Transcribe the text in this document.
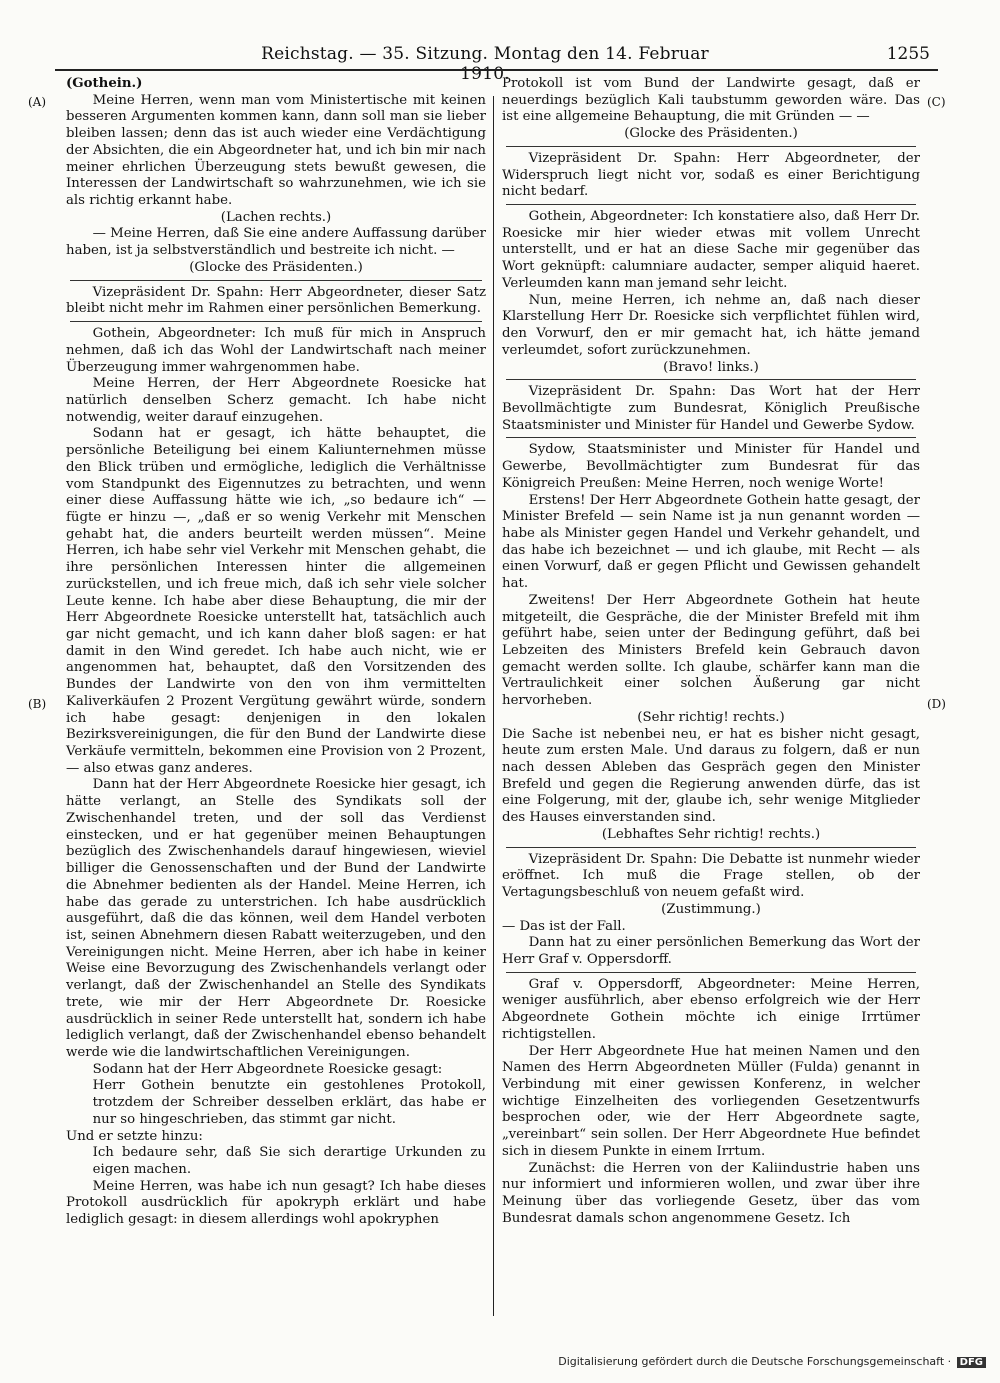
Reichstag. — 35. Sitzung. Montag den 14. Februar 1910.
1255

(Gothein.)

Meine Herren, wenn man vom Ministertische mit keinen besseren Argumenten kommen kann, dann soll man sie lieber bleiben lassen; denn das ist auch wieder eine Verdächtigung der Absichten, die ein Abgeordneter hat, und ich bin mir nach meiner ehrlichen Überzeugung stets bewußt gewesen, die Interessen der Landwirtschaft so wahrzunehmen, wie ich sie als richtig erkannt habe.

(Lachen rechts.)

— Meine Herren, daß Sie eine andere Auffassung darüber haben, ist ja selbstverständlich und bestreite ich nicht. —

(Glocke des Präsidenten.)

Vizepräsident Dr. Spahn: Herr Abgeordneter, dieser Satz bleibt nicht mehr im Rahmen einer persönlichen Bemerkung.

Gothein, Abgeordneter: Ich muß für mich in Anspruch nehmen, daß ich das Wohl der Landwirtschaft nach meiner Überzeugung immer wahrgenommen habe.

Meine Herren, der Herr Abgeordnete Roesicke hat natürlich denselben Scherz gemacht. Ich habe nicht notwendig, weiter darauf einzugehen.

Sodann hat er gesagt, ich hätte behauptet, die persönliche Beteiligung bei einem Kaliunternehmen müsse den Blick trüben und ermögliche, lediglich die Verhältnisse vom Standpunkt des Eigennutzes zu betrachten, und wenn einer diese Auffassung hätte wie ich, „so bedaure ich“ — fügte er hinzu —, „daß er so wenig Verkehr mit Menschen gehabt hat, die anders beurteilt werden müssen“. Meine Herren, ich habe sehr viel Verkehr mit Menschen gehabt, die ihre persönlichen Interessen hinter die allgemeinen zurückstellen, und ich freue mich, daß ich sehr viele solcher Leute kenne. Ich habe aber diese Behauptung, die mir der Herr Abgeordnete Roesicke unterstellt hat, tatsächlich auch gar nicht gemacht, und ich kann daher bloß sagen: er hat damit in den Wind geredet. Ich habe auch nicht, wie er angenommen hat, behauptet, daß den Vorsitzenden des Bundes der Landwirte von den von ihm vermittelten Kaliverkäufen 2 Prozent Vergütung gewährt würde, sondern ich habe gesagt: denjenigen in den lokalen Bezirksvereinigungen, die für den Bund der Landwirte diese Verkäufe vermitteln, bekommen eine Provision von 2 Prozent, — also etwas ganz anderes.

Dann hat der Herr Abgeordnete Roesicke hier gesagt, ich hätte verlangt, an Stelle des Syndikats soll der Zwischenhandel treten, und der soll das Verdienst einstecken, und er hat gegenüber meinen Behauptungen bezüglich des Zwischenhandels darauf hingewiesen, wieviel billiger die Genossenschaften und der Bund der Landwirte die Abnehmer bedienten als der Handel. Meine Herren, ich habe das gerade zu unterstrichen. Ich habe ausdrücklich ausgeführt, daß die das können, weil dem Handel verboten ist, seinen Abnehmern diesen Rabatt weiterzugeben, und den Vereinigungen nicht. Meine Herren, aber ich habe in keiner Weise eine Bevorzugung des Zwischenhandels verlangt oder verlangt, daß der Zwischenhandel an Stelle des Syndikats trete, wie mir der Herr Abgeordnete Dr. Roesicke ausdrücklich in seiner Rede unterstellt hat, sondern ich habe lediglich verlangt, daß der Zwischenhandel ebenso behandelt werde wie die landwirtschaftlichen Vereinigungen.

Sodann hat der Herr Abgeordnete Roesicke gesagt:

Herr Gothein benutzte ein gestohlenes Protokoll, trotzdem der Schreiber desselben erklärt, das habe er nur so hingeschrieben, das stimmt gar nicht.

Und er setzte hinzu:

Ich bedaure sehr, daß Sie sich derartige Urkunden zu eigen machen.

Meine Herren, was habe ich nun gesagt? Ich habe dieses Protokoll ausdrücklich für apokryph erklärt und habe lediglich gesagt: in diesem allerdings wohl apokryphen

Protokoll ist vom Bund der Landwirte gesagt, daß er neuerdings bezüglich Kali taubstumm geworden wäre. Das ist eine allgemeine Behauptung, die mit Gründen — —

(Glocke des Präsidenten.)

Vizepräsident Dr. Spahn: Herr Abgeordneter, der Widerspruch liegt nicht vor, sodaß es einer Berichtigung nicht bedarf.

Gothein, Abgeordneter: Ich konstatiere also, daß Herr Dr. Roesicke mir hier wieder etwas mit vollem Unrecht unterstellt, und er hat an diese Sache mir gegenüber das Wort geknüpft: calumniare audacter, semper aliquid haeret. Verleumden kann man jemand sehr leicht.

Nun, meine Herren, ich nehme an, daß nach dieser Klarstellung Herr Dr. Roesicke sich verpflichtet fühlen wird, den Vorwurf, den er mir gemacht hat, ich hätte jemand verleumdet, sofort zurückzunehmen.

(Bravo! links.)

Vizepräsident Dr. Spahn: Das Wort hat der Herr Bevollmächtigte zum Bundesrat, Königlich Preußische Staatsminister und Minister für Handel und Gewerbe Sydow.

Sydow, Staatsminister und Minister für Handel und Gewerbe, Bevollmächtigter zum Bundesrat für das Königreich Preußen: Meine Herren, noch wenige Worte!

Erstens! Der Herr Abgeordnete Gothein hatte gesagt, der Minister Brefeld — sein Name ist ja nun genannt worden — habe als Minister gegen Handel und Verkehr gehandelt, und das habe ich bezeichnet — und ich glaube, mit Recht — als einen Vorwurf, daß er gegen Pflicht und Gewissen gehandelt hat.

Zweitens! Der Herr Abgeordnete Gothein hat heute mitgeteilt, die Gespräche, die der Minister Brefeld mit ihm geführt habe, seien unter der Bedingung geführt, daß bei Lebzeiten des Ministers Brefeld kein Gebrauch davon gemacht werden sollte. Ich glaube, schärfer kann man die Vertraulichkeit einer solchen Äußerung gar nicht hervorheben.

(Sehr richtig! rechts.)

Die Sache ist nebenbei neu, er hat es bisher nicht gesagt, heute zum ersten Male. Und daraus zu folgern, daß er nun nach dessen Ableben das Gespräch gegen den Minister Brefeld und gegen die Regierung anwenden dürfe, das ist eine Folgerung, mit der, glaube ich, sehr wenige Mitglieder des Hauses einverstanden sind.

(Lebhaftes Sehr richtig! rechts.)

Vizepräsident Dr. Spahn: Die Debatte ist nunmehr wieder eröffnet. Ich muß die Frage stellen, ob der Vertagungsbeschluß von neuem gefaßt wird.

(Zustimmung.)

— Das ist der Fall.

Dann hat zu einer persönlichen Bemerkung das Wort der Herr Graf v. Oppersdorff.

Graf v. Oppersdorff, Abgeordneter: Meine Herren, weniger ausführlich, aber ebenso erfolgreich wie der Herr Abgeordnete Gothein möchte ich einige Irrtümer richtigstellen.

Der Herr Abgeordnete Hue hat meinen Namen und den Namen des Herrn Abgeordneten Müller (Fulda) genannt in Verbindung mit einer gewissen Konferenz, in welcher wichtige Einzelheiten des vorliegenden Gesetzentwurfs besprochen oder, wie der Herr Abgeordnete sagte, „vereinbart“ sein sollen. Der Herr Abgeordnete Hue befindet sich in diesem Punkte in einem Irrtum.

Zunächst: die Herren von der Kaliindustrie haben uns nur informiert und informieren wollen, und zwar über ihre Meinung über das vorliegende Gesetz, über das vom Bundesrat damals schon angenommene Gesetz. Ich

(A)
(B)
(C)
(D)
Digitalisierung gefördert durch die Deutsche Forschungsgemeinschaft · DFG
